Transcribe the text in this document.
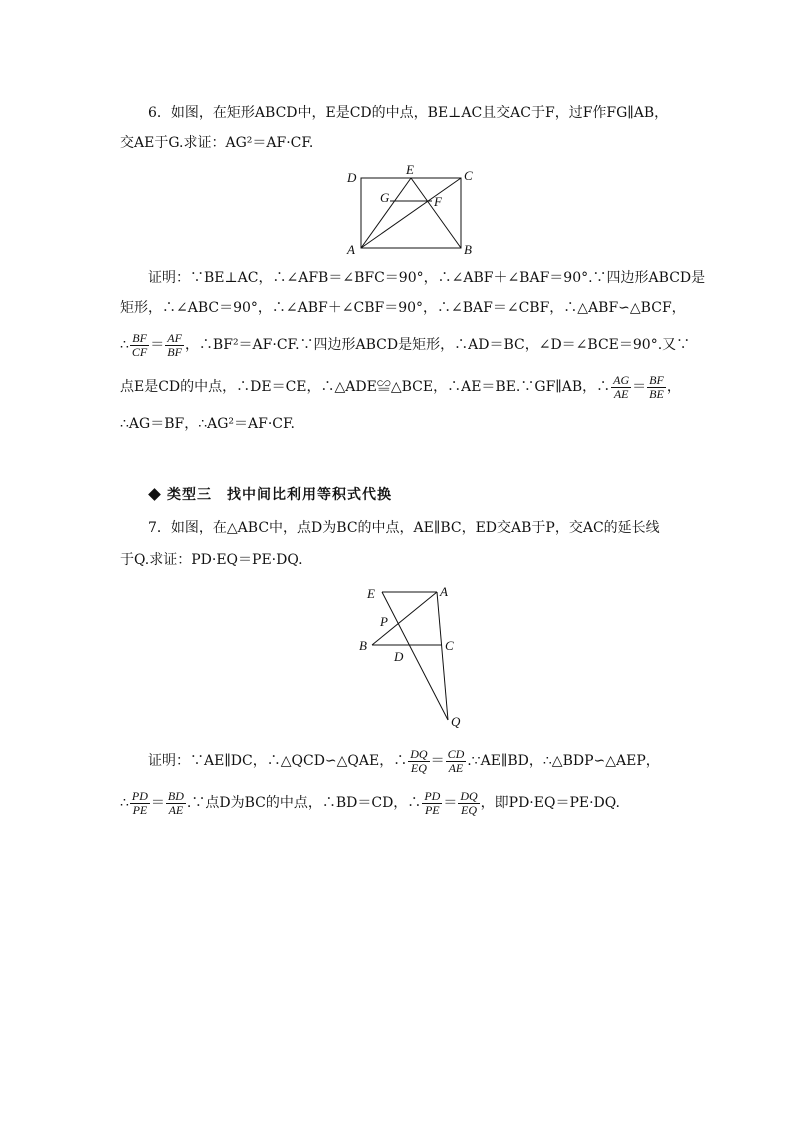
6．如图，在矩形ABCD中，E是CD的中点，BE⊥AC且交AC于F，过F作FG∥AB，
交AE于G.求证：AG²＝AF·CF.
D
E	C
G	F
A	B
证明：∵BE⊥AC，∴∠AFB＝∠BFC＝90°，∴∠ABF＋∠BAF＝90°.∵四边形ABCD是
矩形，∴∠ABC＝90°，∴∠ABF＋∠CBF＝90°，∴∠BAF＝∠CBF，∴△ABF∽△BCF，
∴ $\frac{BF}{CF} = \frac{AF}{BF}$ ，∴BF²＝AF·CF.∵四边形ABCD是矩形，∴AD＝BC，∠D＝∠BCE＝90°.又∵
点E是CD的中点，∴DE＝CE，∴△ADE≌△BCE，∴AE＝BE.∵GF∥AB，∴ $\frac{AG}{AE} = \frac{BF}{BE}$ ，
∴AG＝BF，∴AG²＝AF·CF.
类型三　找中间比利用等积式代换
7．如图，在△ABC中，点D为BC的中点，AE∥BC，ED交AB于P，交AC的延长线
于Q.求证：PD·EQ＝PE·DQ.
E	A
P
B
D
C
Q
证明：∵AE∥DC，∴△QCD∽△QAE，∴ $\frac{DQ}{EQ} = \frac{CD}{AE}$ .∵AE∥BD，∴△BDP∽△AEP，
∴ $\frac{PD}{PE} = \frac{BD}{AE}$ .∵点D为BC的中点，∴BD＝CD，∴ $\frac{PD}{PE} = \frac{DQ}{EQ}$ ，即PD·EQ＝PE·DQ.
